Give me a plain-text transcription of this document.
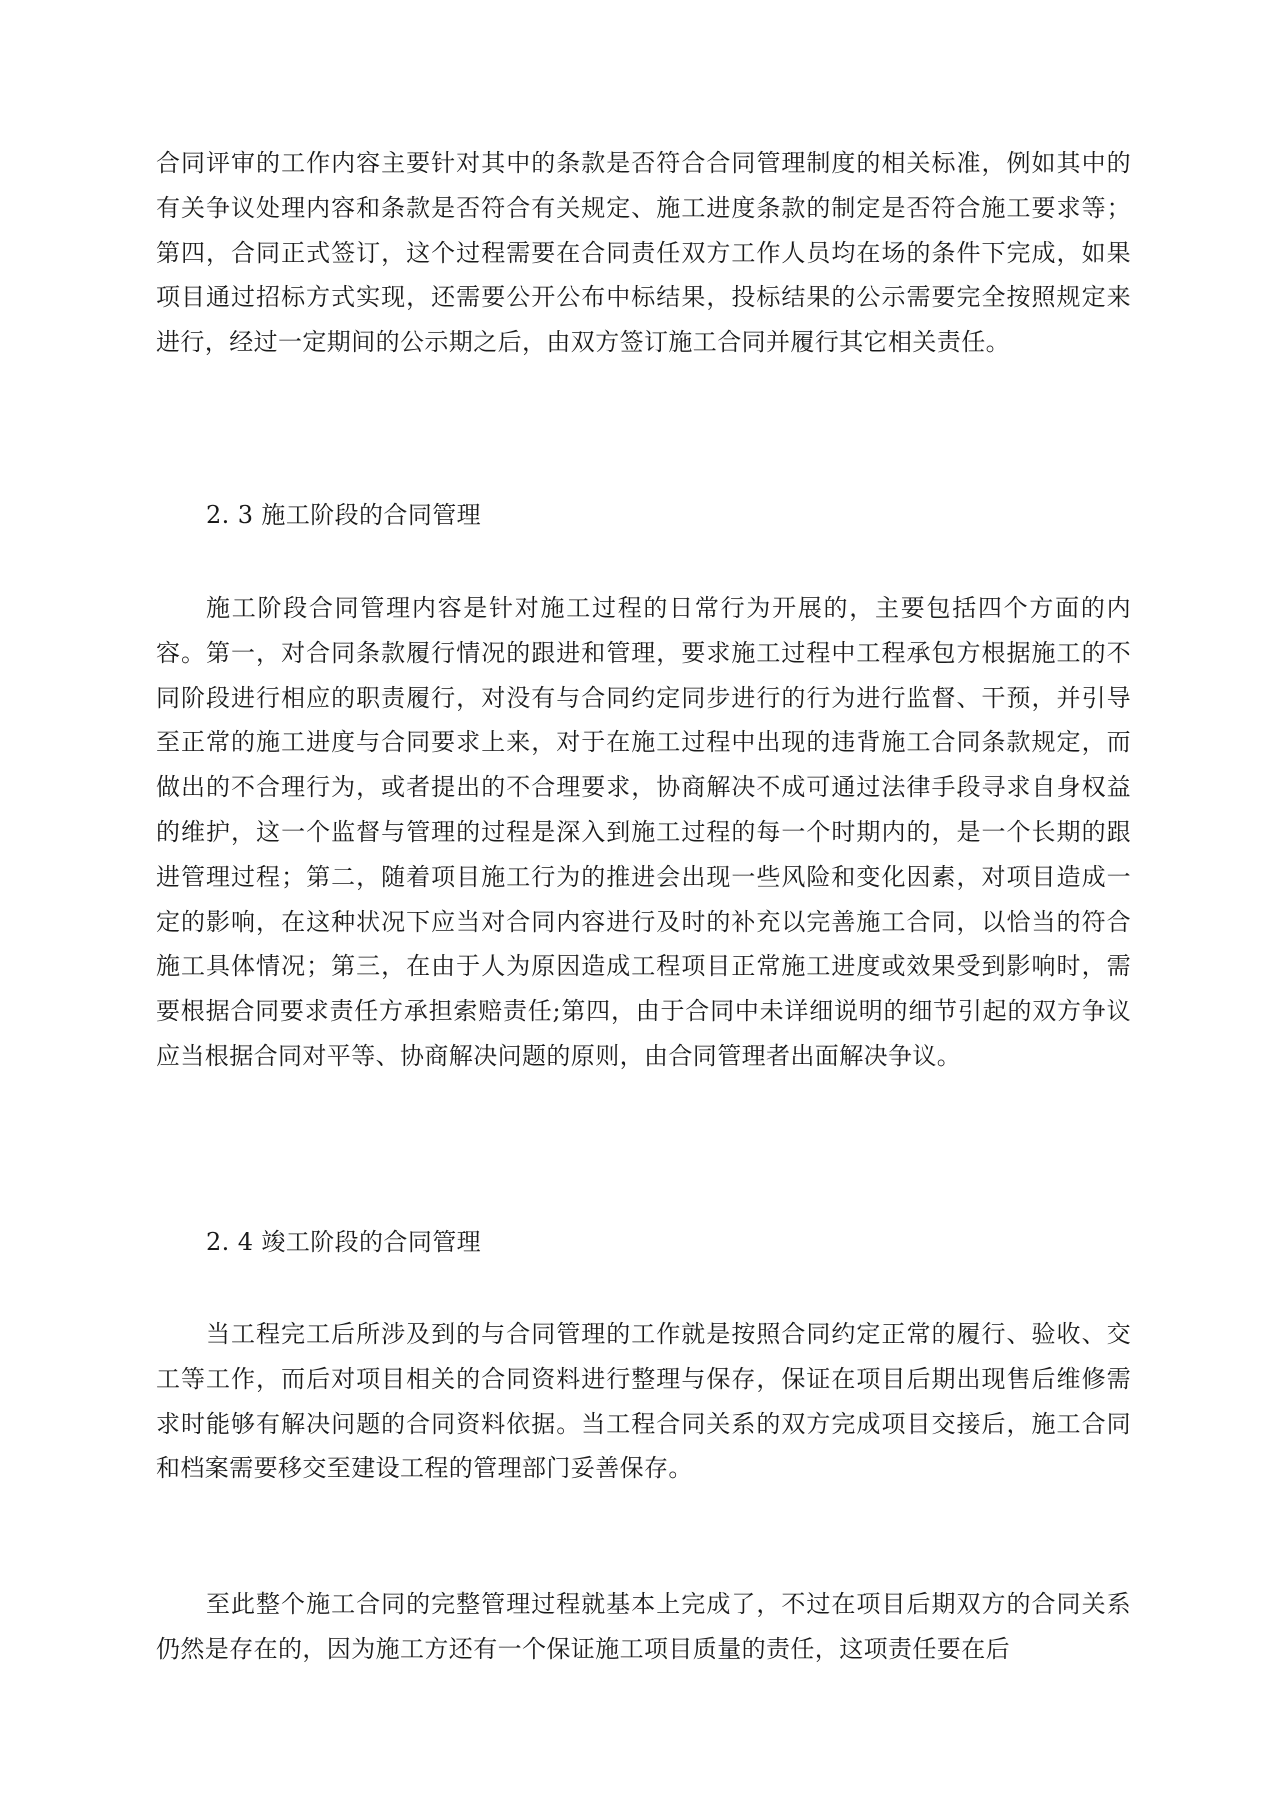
合同评审的工作内容主要针对其中的条款是否符合合同管理制度的相关标准，例如其中的有关争议处理内容和条款是否符合有关规定、施工进度条款的制定是否符合施工要求等；第四，合同正式签订，这个过程需要在合同责任双方工作人员均在场的条件下完成，如果项目通过招标方式实现，还需要公开公布中标结果，投标结果的公示需要完全按照规定来进行，经过一定期间的公示期之后，由双方签订施工合同并履行其它相关责任。

2. 3 施工阶段的合同管理

施工阶段合同管理内容是针对施工过程的日常行为开展的，主要包括四个方面的内容。第一，对合同条款履行情况的跟进和管理，要求施工过程中工程承包方根据施工的不同阶段进行相应的职责履行，对没有与合同约定同步进行的行为进行监督、干预，并引导至正常的施工进度与合同要求上来，对于在施工过程中出现的违背施工合同条款规定，而做出的不合理行为，或者提出的不合理要求，协商解决不成可通过法律手段寻求自身权益的维护，这一个监督与管理的过程是深入到施工过程的每一个时期内的，是一个长期的跟进管理过程；第二，随着项目施工行为的推进会出现一些风险和变化因素，对项目造成一定的影响，在这种状况下应当对合同内容进行及时的补充以完善施工合同，以恰当的符合施工具体情况；第三，在由于人为原因造成工程项目正常施工进度或效果受到影响时，需要根据合同要求责任方承担索赔责任;第四，由于合同中未详细说明的细节引起的双方争议应当根据合同对平等、协商解决问题的原则，由合同管理者出面解决争议。

2. 4 竣工阶段的合同管理

当工程完工后所涉及到的与合同管理的工作就是按照合同约定正常的履行、验收、交工等工作，而后对项目相关的合同资料进行整理与保存，保证在项目后期出现售后维修需求时能够有解决问题的合同资料依据。当工程合同关系的双方完成项目交接后，施工合同和档案需要移交至建设工程的管理部门妥善保存。

至此整个施工合同的完整管理过程就基本上完成了，不过在项目后期双方的合同关系仍然是存在的，因为施工方还有一个保证施工项目质量的责任，这项责任要在后
